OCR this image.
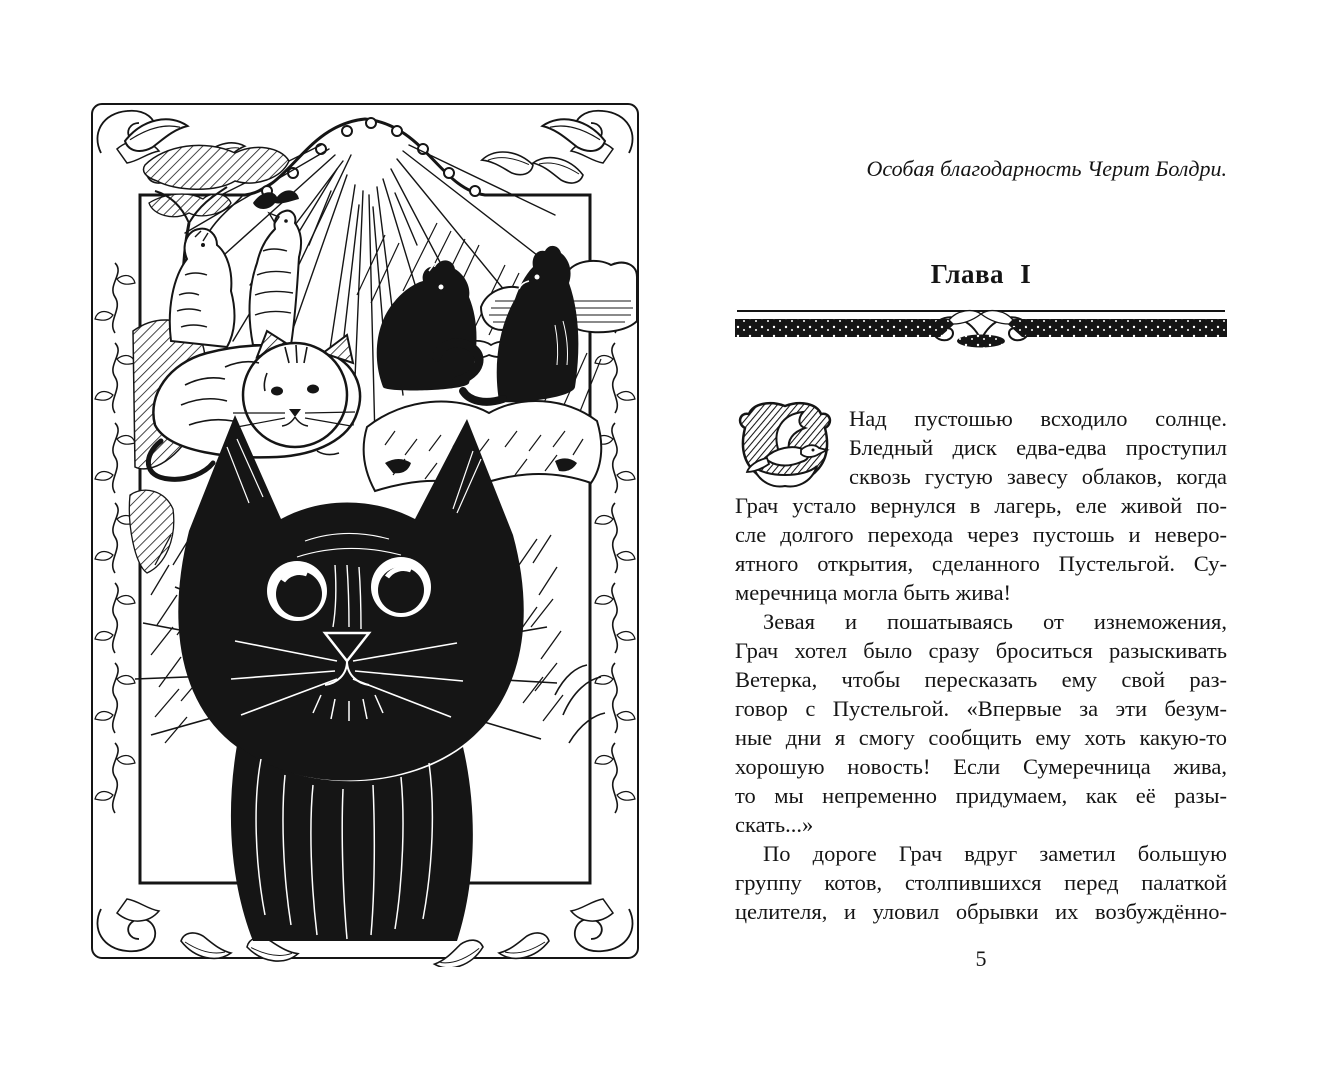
Особая благодарность Черит Болдри.

Глава I
Над пустошью всходило солнце.
Бледный диск едва-едва проступил
сквозь густую завесу облаков, когда
Грач устало вернулся в лагерь, еле живой по-
сле долгого перехода через пустошь и неверо-
ятного открытия, сделанного Пустельгой. Су-
меречница могла быть жива!
Зевая и пошатываясь от изнеможения,
Грач хотел было сразу броситься разыскивать
Ветерка, чтобы пересказать ему свой раз-
говор с Пустельгой. «Впервые за эти безум-
ные дни я смогу сообщить ему хоть какую-то
хорошую новость! Если Сумеречница жива,
то мы непременно придумаем, как её разы-
скать...»
По дороге Грач вдруг заметил большую
группу котов, столпившихся перед палаткой
целителя, и уловил обрывки их возбуждённо-
5
